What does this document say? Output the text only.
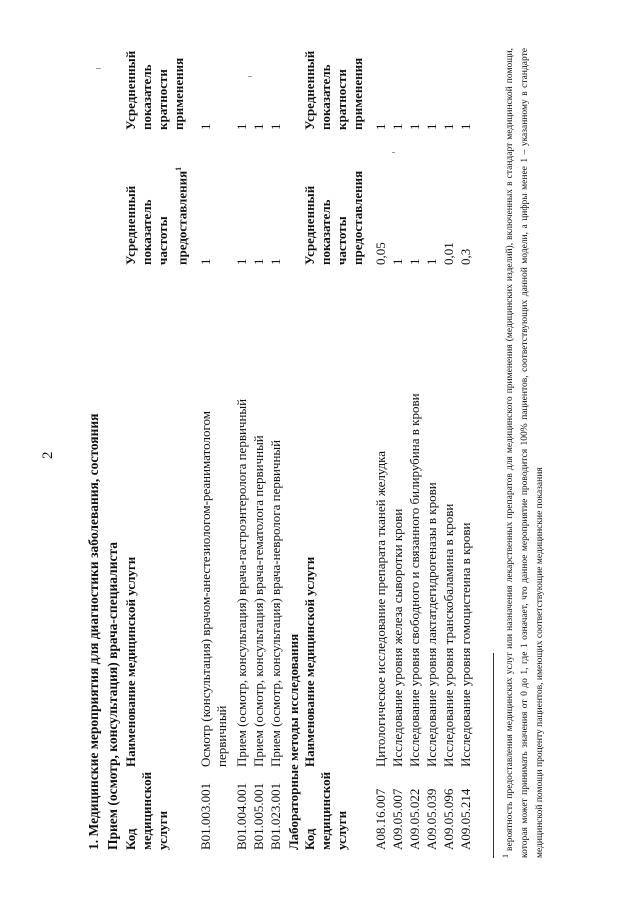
2 1. Медицинские мероприятия для диагностики заболевания, состояния Прием (осмотр, консультация) врача-специалиста Код медицинской услуги
Наименование медицинской услуги
Усредненный показатель частоты предоставления$^1$
Усредненный показатель кратности применения
B01.003.001
Осмотр (консультация) врачом-анестезиологом-реаниматологом первичный
1
1
B01.004.001
Прием (осмотр, консультация) врача-гастроэнтеролога первичный
1
1
B01.005.001
Прием (осмотр, консультация) врача-гематолога первичный
1
1
B01.023.001
Прием (осмотр, консультация) врача-невролога первичный
1
1
Лабораторные методы исследования Код медицинской услуги
Наименование медицинской услуги
Усредненный показатель частоты предоставления
Усредненный показатель кратности применения
A08.16.007
Цитологическое исследование препарата тканей желудка
0,05
1
A09.05.007
Исследование уровня железа сыворотки крови
1
1
A09.05.022
Исследование уровня свободного и связанного билирубина в крови
1
1
A09.05.039
Исследование уровня лактатдегидрогеназы в крови
1
1
A09.05.096
Исследование уровня транскобаламина в крови
0,01
1
A09.05.214
Исследование уровня гомоцистеина в крови
0,3
1
$^1$ вероятность предоставления медицинских услуг или назначения лекарственных препаратов для медицинского применения (медицинских изделий), включенных в стандарт медицинской помощи, которая может принимать значения от 0 до 1, где 1 означает, что данное мероприятие проводится 100% пациентов, соответствующих данной модели, а цифры менее 1 – указанному в стандарте медицинской помощи проценту пациентов, имеющих соответствующие медицинские показания
